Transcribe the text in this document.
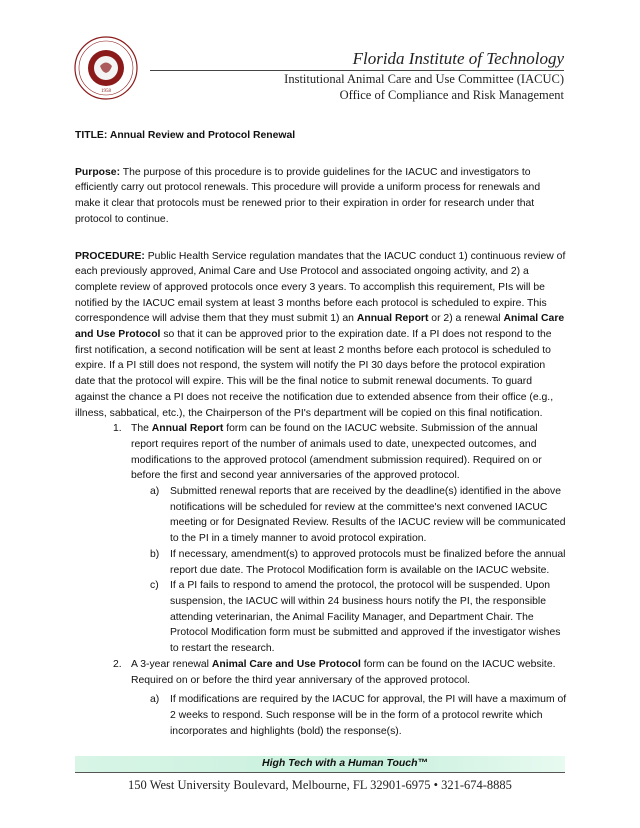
1958
Florida Institute of Technology
Institutional Animal Care and Use Committee (IACUC)
Office of Compliance and Risk Management

TITLE: Annual Review and Protocol Renewal

Purpose: The purpose of this procedure is to provide guidelines for the IACUC and investigators to efficiently carry out protocol renewals. This procedure will provide a uniform process for renewals and make it clear that protocols must be renewed prior to their expiration in order for research under that protocol to continue.

PROCEDURE: Public Health Service regulation mandates that the IACUC conduct 1) continuous review of each previously approved, Animal Care and Use Protocol and associated ongoing activity, and 2) a complete review of approved protocols once every 3 years. To accomplish this requirement, PIs will be notified by the IACUC email system at least 3 months before each protocol is scheduled to expire. This correspondence will advise them that they must submit 1) an Annual Report or 2) a renewal Animal Care and Use Protocol so that it can be approved prior to the expiration date. If a PI does not respond to the first notification, a second notification will be sent at least 2 months before each protocol is scheduled to expire. If a PI still does not respond, the system will notify the PI 30 days before the protocol expiration date that the protocol will expire. This will be the final notice to submit renewal documents. To guard against the chance a PI does not receive the notification due to extended absence from their office (e.g., illness, sabbatical, etc.), the Chairperson of the PI's department will be copied on this final notification.

1. The Annual Report form can be found on the IACUC website. Submission of the annual report requires report of the number of animals used to date, unexpected outcomes, and modifications to the approved protocol (amendment submission required). Required on or before the first and second year anniversaries of the approved protocol.
a) Submitted renewal reports that are received by the deadline(s) identified in the above notifications will be scheduled for review at the committee's next convened IACUC meeting or for Designated Review. Results of the IACUC review will be communicated to the PI in a timely manner to avoid protocol expiration.
b) If necessary, amendment(s) to approved protocols must be finalized before the annual report due date. The Protocol Modification form is available on the IACUC website.
c) If a PI fails to respond to amend the protocol, the protocol will be suspended. Upon suspension, the IACUC will within 24 business hours notify the PI, the responsible attending veterinarian, the Animal Facility Manager, and Department Chair. The Protocol Modification form must be submitted and approved if the investigator wishes to restart the research.
2. A 3-year renewal Animal Care and Use Protocol form can be found on the IACUC website. Required on or before the third year anniversary of the approved protocol.
a) If modifications are required by the IACUC for approval, the PI will have a maximum of 2 weeks to respond. Such response will be in the form of a protocol rewrite which incorporates and highlights (bold) the response(s).
High Tech with a Human Touch™
150 West University Boulevard, Melbourne, FL 32901-6975 • 321-674-8885
